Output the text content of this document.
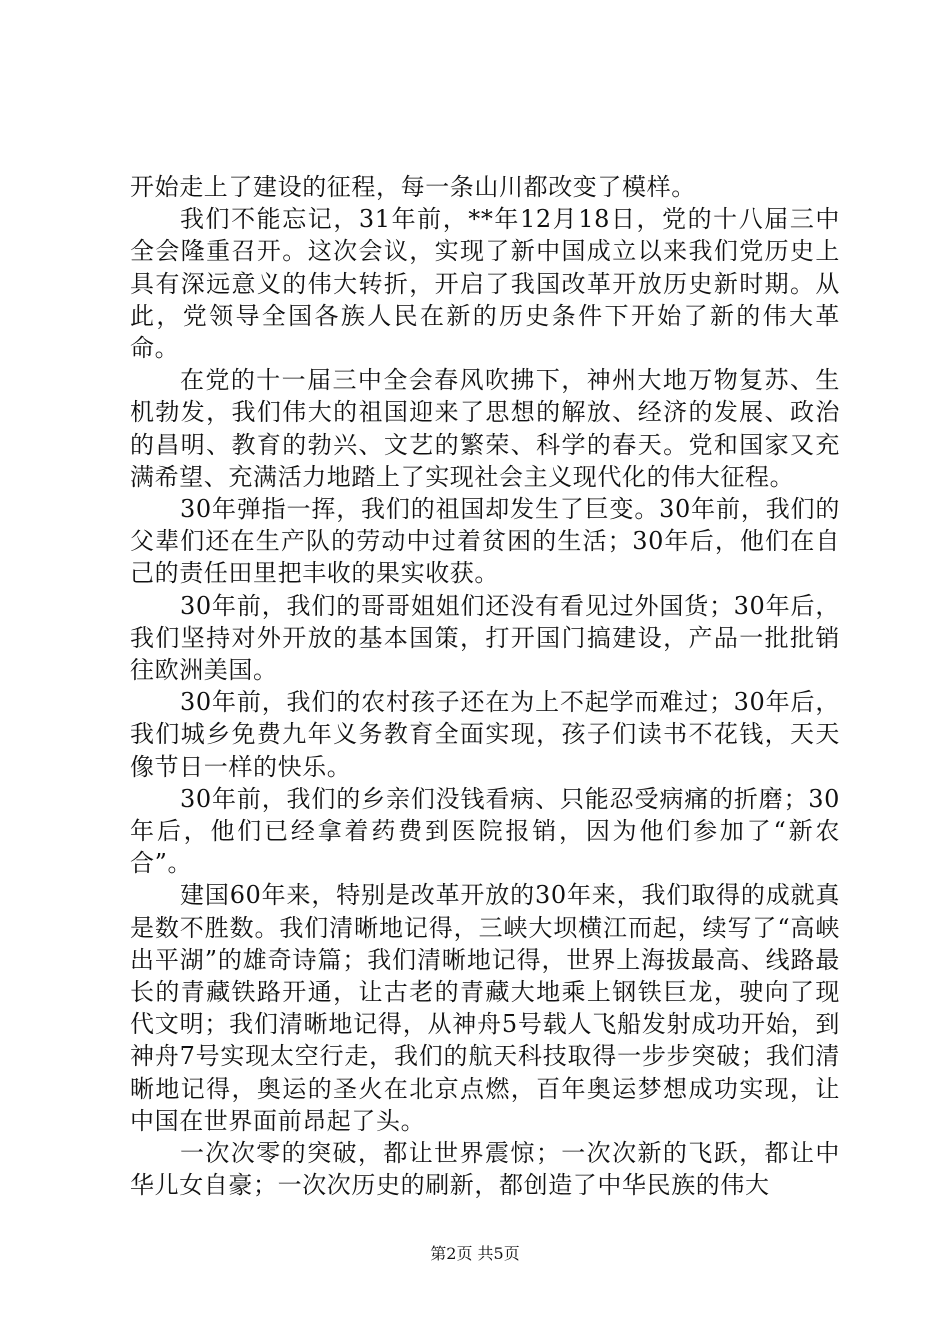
开始走上了建设的征程，每一条山川都改变了模样。

我们不能忘记，31年前，**年12月18日，党的十八届三中全会隆重召开。这次会议，实现了新中国成立以来我们党历史上具有深远意义的伟大转折，开启了我国改革开放历史新时期。从此，党领导全国各族人民在新的历史条件下开始了新的伟大革命。

在党的十一届三中全会春风吹拂下，神州大地万物复苏、生机勃发，我们伟大的祖国迎来了思想的解放、经济的发展、政治的昌明、教育的勃兴、文艺的繁荣、科学的春天。党和国家又充满希望、充满活力地踏上了实现社会主义现代化的伟大征程。

30年弹指一挥，我们的祖国却发生了巨变。30年前，我们的父辈们还在生产队的劳动中过着贫困的生活；30年后，他们在自己的责任田里把丰收的果实收获。

30年前，我们的哥哥姐姐们还没有看见过外国货；30年后，我们坚持对外开放的基本国策，打开国门搞建设，产品一批批销往欧洲美国。

30年前，我们的农村孩子还在为上不起学而难过；30年后，我们城乡免费九年义务教育全面实现，孩子们读书不花钱，天天像节日一样的快乐。

30年前，我们的乡亲们没钱看病、只能忍受病痛的折磨；30年后，他们已经拿着药费到医院报销，因为他们参加了“新农合”。

建国60年来，特别是改革开放的30年来，我们取得的成就真是数不胜数。我们清晰地记得，三峡大坝横江而起，续写了“高峡出平湖”的雄奇诗篇；我们清晰地记得，世界上海拔最高、线路最长的青藏铁路开通，让古老的青藏大地乘上钢铁巨龙，驶向了现代文明；我们清晰地记得，从神舟5号载人飞船发射成功开始，到神舟7号实现太空行走，我们的航天科技取得一步步突破；我们清晰地记得，奥运的圣火在北京点燃，百年奥运梦想成功实现，让中国在世界面前昂起了头。

一次次零的突破，都让世界震惊；一次次新的飞跃，都让中华儿女自豪；一次次历史的刷新，都创造了中华民族的伟大

第2页 共5页
